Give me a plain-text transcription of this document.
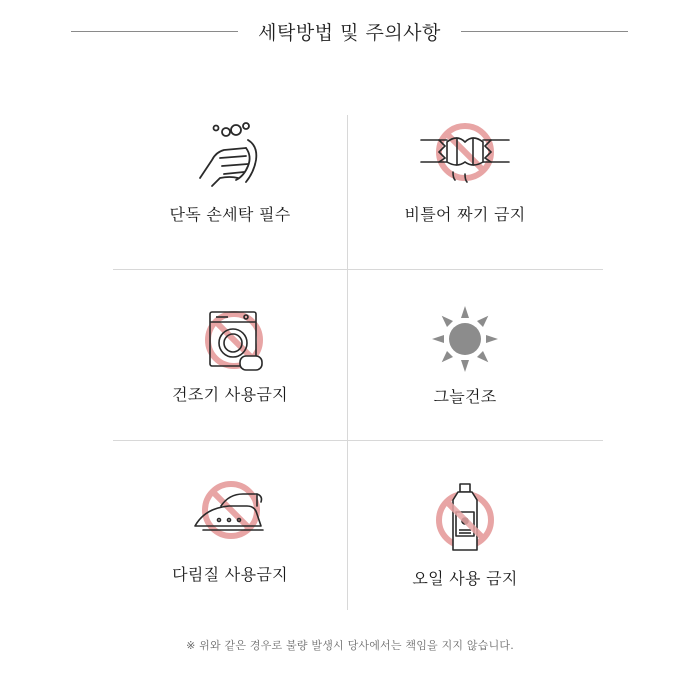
세탁방법 및 주의사항
단독 손세탁 필수	비틀어 짜기 금지
건조기 사용금지	그늘건조
다림질 사용금지	오일 사용 금지
※ 위와 같은 경우로 불량 발생시 당사에서는 책임을 지지 않습니다.
